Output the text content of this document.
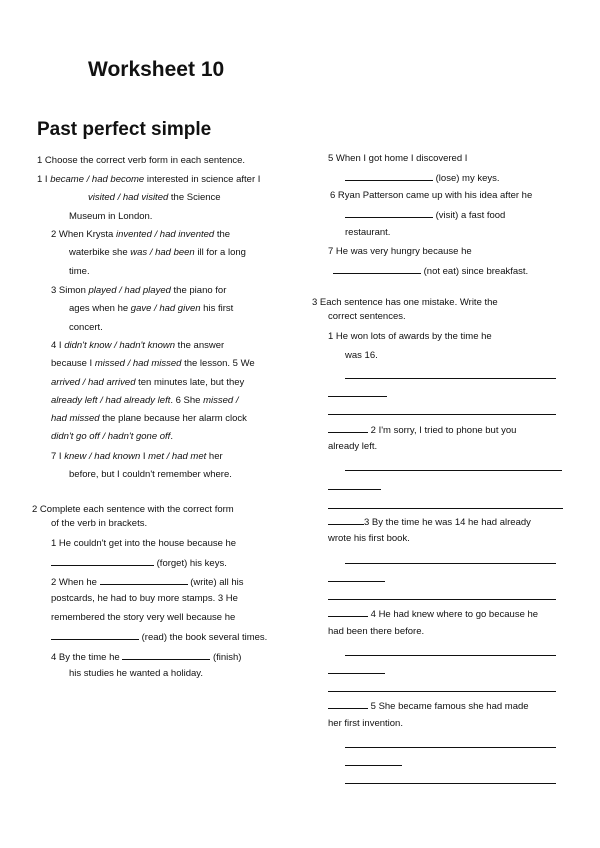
Worksheet 10
Past perfect simple
1 Choose the correct verb form in each sentence.
1 I became / had become interested in science after I
visited / had visited the Science
Museum in London.
2 When Krysta invented / had invented the
waterbike she was / had been ill for a long
time.
3 Simon played / had played the piano for
ages when he gave / had given his first
concert.
4 I didn't know / hadn't known the answer
because I missed / had missed the lesson. 5 We
arrived / had arrived ten minutes late, but they
already left / had already left. 6 She missed /
had missed the plane because her alarm clock
didn't go off / hadn't gone off.
7 I knew / had known I met / had met her
before, but I couldn't remember where.
2 Complete each sentence with the correct form
of the verb in brackets.
1 He couldn't get into the house because he
(forget) his keys.
2 When he	(write) all his
postcards, he had to buy more stamps. 3 He
remembered the story very well because he
(read) the book several times.
4 By the time he	(finish)
his studies he wanted a holiday.
5 When I got home I discovered I
(lose) my keys.
6 Ryan Patterson came up with his idea after he
(visit) a fast food
restaurant.
7 He was very hungry because he
(not eat) since breakfast.
3 Each sentence has one mistake. Write the
correct sentences.
1 He won lots of awards by the time he
was 16.
2 I'm sorry, I tried to phone but you
already left.
3 By the time he was 14 he had already
wrote his first book.
4 He had knew where to go because he
had been there before.
5 She became famous she had made
her first invention.
